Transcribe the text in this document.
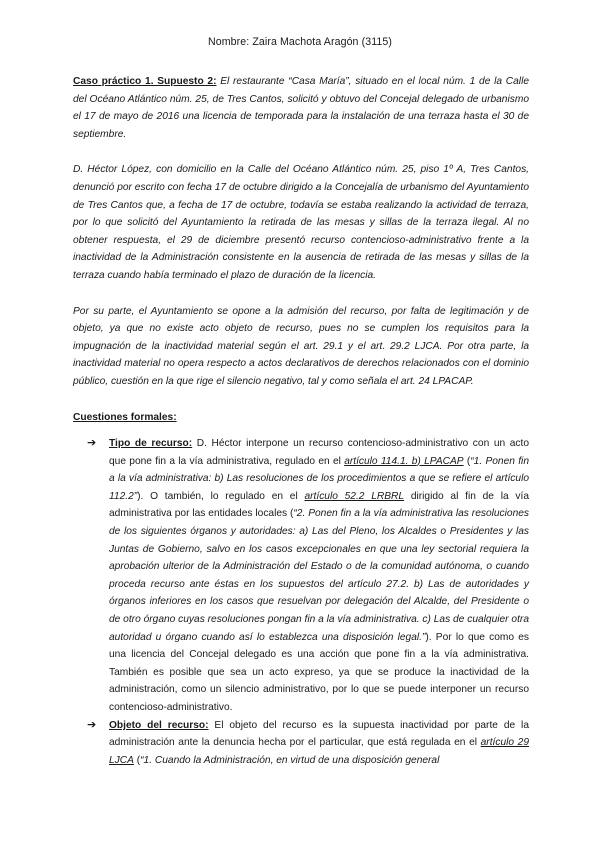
Nombre: Zaira Machota Aragón (3115)

Caso práctico 1. Supuesto 2: El restaurante “Casa María”, situado en el local núm. 1 de la Calle del Océano Atlántico núm. 25, de Tres Cantos, solicitó y obtuvo del Concejal delegado de urbanismo el 17 de mayo de 2016 una licencia de temporada para la instalación de una terraza hasta el 30 de septiembre.

D. Héctor López, con domicilio en la Calle del Océano Atlántico núm. 25, piso 1º A, Tres Cantos, denunció por escrito con fecha 17 de octubre dirigido a la Concejalía de urbanismo del Ayuntamiento de Tres Cantos que, a fecha de 17 de octubre, todavía se estaba realizando la actividad de terraza, por lo que solicitó del Ayuntamiento la retirada de las mesas y sillas de la terraza ilegal. Al no obtener respuesta, el 29 de diciembre presentó recurso contencioso-administrativo frente a la inactividad de la Administración consistente en la ausencia de retirada de las mesas y sillas de la terraza cuando había terminado el plazo de duración de la licencia.

Por su parte, el Ayuntamiento se opone a la admisión del recurso, por falta de legitimación y de objeto, ya que no existe acto objeto de recurso, pues no se cumplen los requisitos para la impugnación de la inactividad material según el art. 29.1 y el art. 29.2 LJCA. Por otra parte, la inactividad material no opera respecto a actos declarativos de derechos relacionados con el dominio público, cuestión en la que rige el silencio negativo, tal y como señala el art. 24 LPACAP.

Cuestiones formales:
➔ Tipo de recurso: D. Héctor interpone un recurso contencioso-administrativo con un acto que pone fin a la vía administrativa, regulado en el artículo 114.1. b) LPACAP (“1. Ponen fin a la vía administrativa: b) Las resoluciones de los procedimientos a que se refiere el artículo 112.2”). O también, lo regulado en el artículo 52.2 LRBRL dirigido al fin de la vía administrativa por las entidades locales (“2. Ponen fin a la vía administrativa las resoluciones de los siguientes órganos y autoridades: a) Las del Pleno, los Alcaldes o Presidentes y las Juntas de Gobierno, salvo en los casos excepcionales en que una ley sectorial requiera la aprobación ulterior de la Administración del Estado o de la comunidad autónoma, o cuando proceda recurso ante éstas en los supuestos del artículo 27.2. b) Las de autoridades y órganos inferiores en los casos que resuelvan por delegación del Alcalde, del Presidente o de otro órgano cuyas resoluciones pongan fin a la vía administrativa. c) Las de cualquier otra autoridad u órgano cuando así lo establezca una disposición legal.”). Por lo que como es una licencia del Concejal delegado es una acción que pone fin a la vía administrativa. También es posible que sea un acto expreso, ya que se produce la inactividad de la administración, como un silencio administrativo, por lo que se puede interponer un recurso contencioso-administrativo.
➔ Objeto del recurso: El objeto del recurso es la supuesta inactividad por parte de la administración ante la denuncia hecha por el particular, que está regulada en el artículo 29 LJCA (“1. Cuando la Administración, en virtud de una disposición general
